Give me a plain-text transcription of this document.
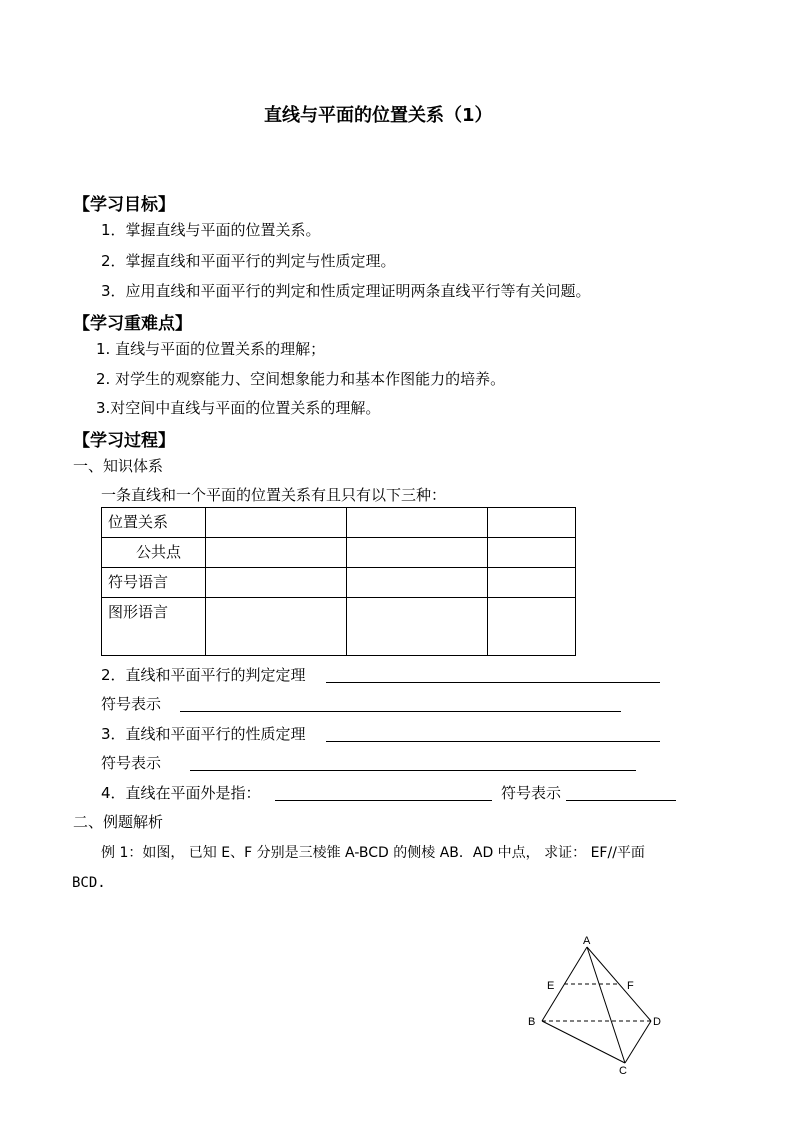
直线与平面的位置关系（1）
【学习目标】
1．掌握直线与平面的位置关系。
2．掌握直线和平面平行的判定与性质定理。
3．应用直线和平面平行的判定和性质定理证明两条直线平行等有关问题。
【学习重难点】
1. 直线与平面的位置关系的理解；
2. 对学生的观察能力、空间想象能力和基本作图能力的培养。
3.对空间中直线与平面的位置关系的理解。
【学习过程】
一、知识体系
一条直线和一个平面的位置关系有且只有以下三种：
位置关系			
公共点			
符号语言			
图形语言			
2．直线和平面平行的判定定理
符号表示
3．直线和平面平行的性质定理
符号表示
4．直线在平面外是指：	符号表示
二、例题解析
例 1：如图， 已知 E、F 分别是三棱锥 A-BCD 的侧棱 AB．AD 中点， 求证： EF//平面
BCD.
A
B
C
D
E	F
